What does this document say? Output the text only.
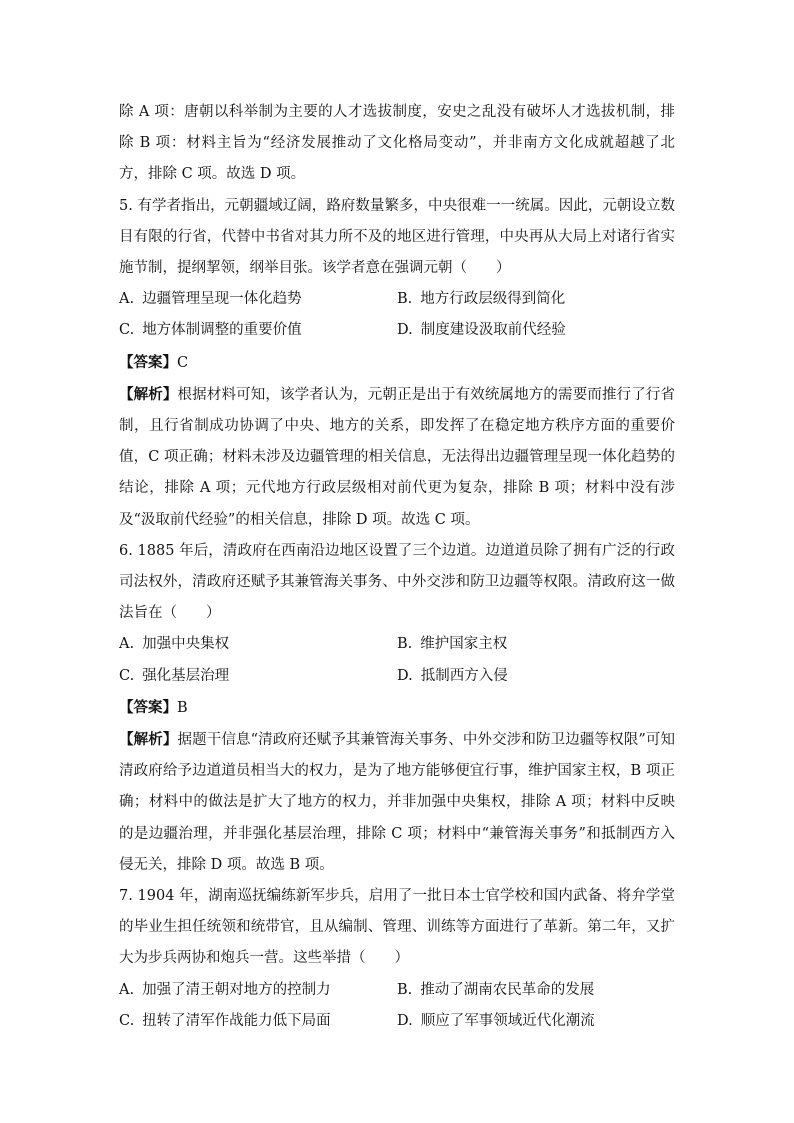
除 A 项：唐朝以科举制为主要的人才选拔制度，安史之乱没有破坏人才选拔机制，排除 B 项：材料主旨为“经济发展推动了文化格局变动”，并非南方文化成就超越了北方，排除 C 项。故选 D 项。

5. 有学者指出，元朝疆域辽阔，路府数量繁多，中央很难一一统属。因此，元朝设立数目有限的行省，代替中书省对其力所不及的地区进行管理，中央再从大局上对诸行省实施节制，提纲挈领，纲举目张。该学者意在强调元朝（　　）

A. 边疆管理呈现一体化趋势	B. 地方行政层级得到简化
C. 地方体制调整的重要价值	D. 制度建设汲取前代经验

【答案】C

【解析】根据材料可知，该学者认为，元朝正是出于有效统属地方的需要而推行了行省制，且行省制成功协调了中央、地方的关系，即发挥了在稳定地方秩序方面的重要价值，C 项正确；材料未涉及边疆管理的相关信息，无法得出边疆管理呈现一体化趋势的结论，排除 A 项；元代地方行政层级相对前代更为复杂，排除 B 项；材料中没有涉及“汲取前代经验”的相关信息，排除 D 项。故选 C 项。

6. 1885 年后，清政府在西南沿边地区设置了三个边道。边道道员除了拥有广泛的行政司法权外，清政府还赋予其兼管海关事务、中外交涉和防卫边疆等权限。清政府这一做法旨在（　　）

A. 加强中央集权	B. 维护国家主权
C. 强化基层治理	D. 抵制西方入侵

【答案】B

【解析】据题干信息“清政府还赋予其兼管海关事务、中外交涉和防卫边疆等权限”可知清政府给予边道道员相当大的权力，是为了地方能够便宜行事，维护国家主权，B 项正确；材料中的做法是扩大了地方的权力，并非加强中央集权，排除 A 项；材料中反映的是边疆治理，并非强化基层治理，排除 C 项；材料中“兼管海关事务”和抵制西方入侵无关，排除 D 项。故选 B 项。

7. 1904 年，湖南巡抚编练新军步兵，启用了一批日本士官学校和国内武备、将弁学堂的毕业生担任统领和统带官，且从编制、管理、训练等方面进行了革新。第二年，又扩大为步兵两协和炮兵一营。这些举措（　　）

A. 加强了清王朝对地方的控制力	B. 推动了湖南农民革命的发展
C. 扭转了清军作战能力低下局面	D. 顺应了军事领域近代化潮流
